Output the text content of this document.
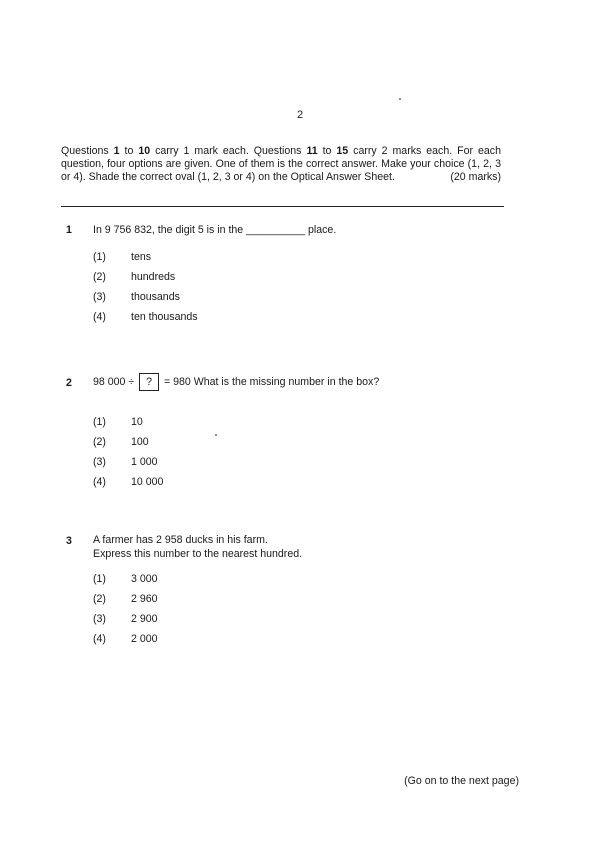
2
Questions 1 to 10 carry 1 mark each. Questions 11 to 15 carry 2 marks each. For each question, four options are given. One of them is the correct answer. Make your choice (1, 2, 3 or 4). Shade the correct oval (1, 2, 3 or 4) on the Optical Answer Sheet.	(20 marks)
1 In 9 756 832, the digit 5 is in the __________ place.
(1) tens
(2) hundreds
(3) thousands
(4) ten thousands
2 98 000 ÷ ? = 980 What is the missing number in the box?
(1) 10
(2) 100
(3) 1 000
(4) 10 000
3 A farmer has 2 958 ducks in his farm.
Express this number to the nearest hundred.
(1) 3 000
(2) 2 960
(3) 2 900
(4) 2 000
(Go on to the next page)
